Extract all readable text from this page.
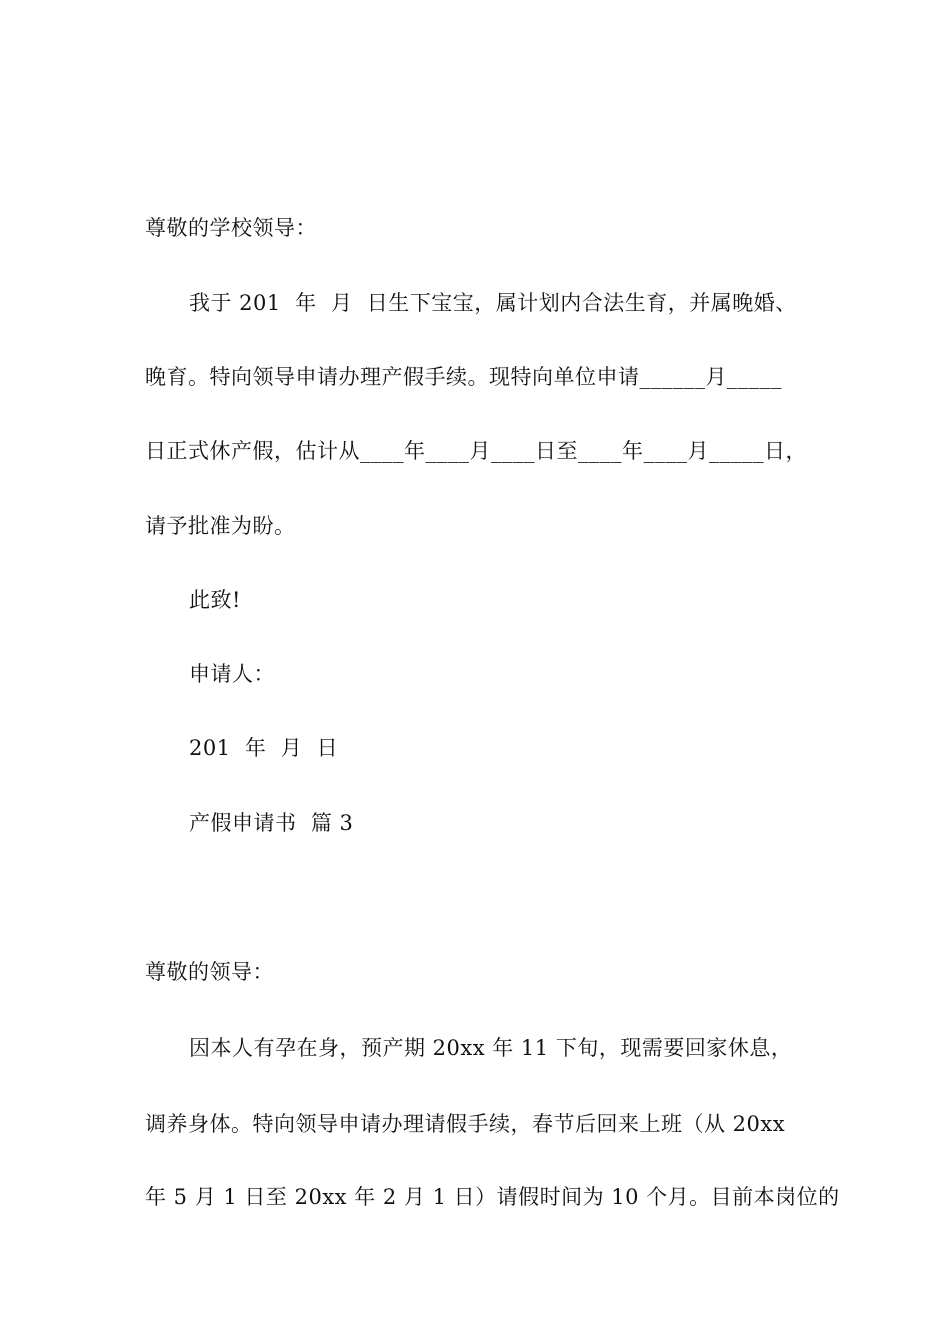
尊敬的学校领导：
我于 201  年  月  日生下宝宝，属计划内合法生育，并属晚婚、
晚育。特向领导申请办理产假手续。现特向单位申请______月_____
日正式休产假，估计从____年____月____日至____年____月_____日，
请予批准为盼。
此致!
申请人：
201  年  月  日
产假申请书  篇 3
尊敬的领导：
因本人有孕在身，预产期 20xx 年 11 下旬，现需要回家休息，
调养身体。特向领导申请办理请假手续，春节后回来上班（从 20xx
年 5 月 1 日至 20xx 年 2 月 1 日）请假时间为 10 个月。目前本岗位的
